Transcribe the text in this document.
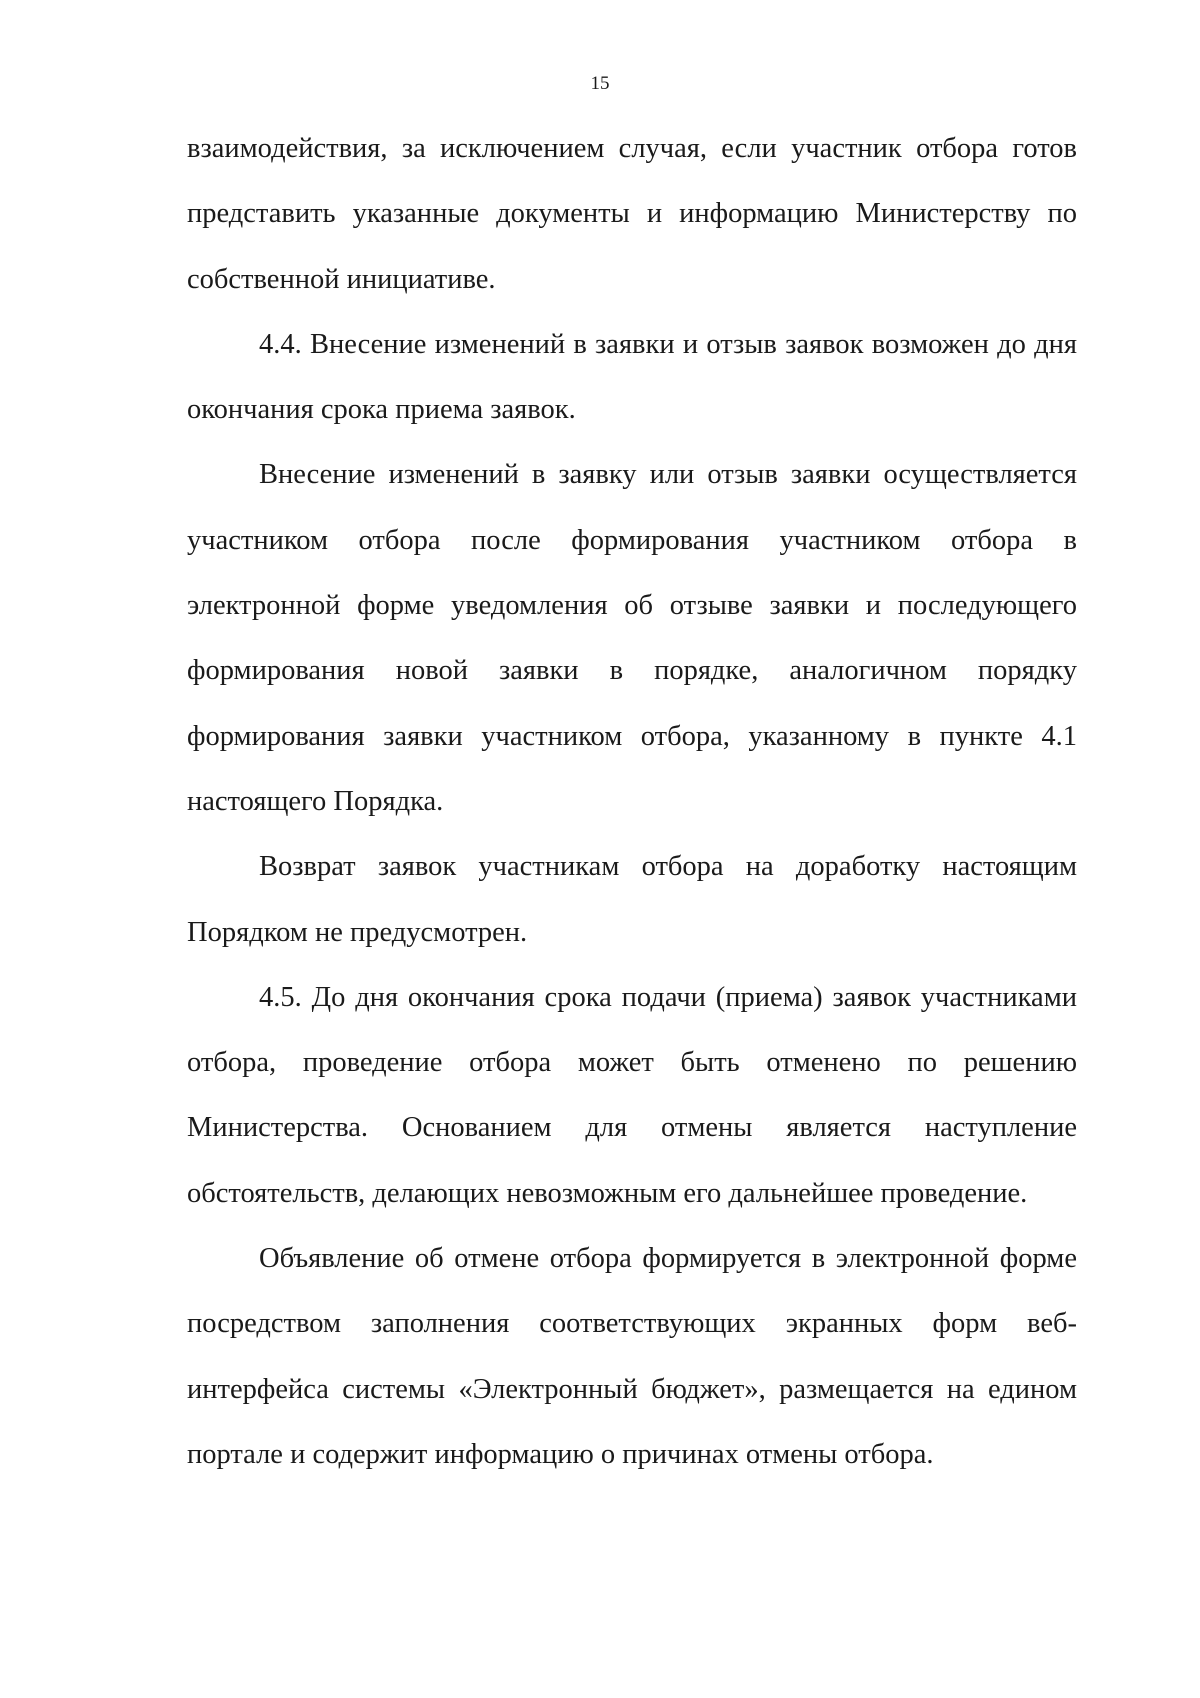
15

взаимодействия, за исключением случая, если участник отбора готов представить указанные документы и информацию Министерству по собственной инициативе.

4.4. Внесение изменений в заявки и отзыв заявок возможен до дня окончания срока приема заявок.

Внесение изменений в заявку или отзыв заявки осуществляется участником отбора после формирования участником отбора в электронной форме уведомления об отзыве заявки и последующего формирования новой заявки в порядке, аналогичном порядку формирования заявки участником отбора, указанному в пункте 4.1 настоящего Порядка.

Возврат заявок участникам отбора на доработку настоящим Порядком не предусмотрен.

4.5. До дня окончания срока подачи (приема) заявок участниками отбора, проведение отбора может быть отменено по решению Министерства. Основанием для отмены является наступление обстоятельств, делающих невозможным его дальнейшее проведение.

Объявление об отмене отбора формируется в электронной форме посредством заполнения соответствующих экранных форм веб-интерфейса системы «Электронный бюджет», размещается на едином портале и содержит информацию о причинах отмены отбора.
